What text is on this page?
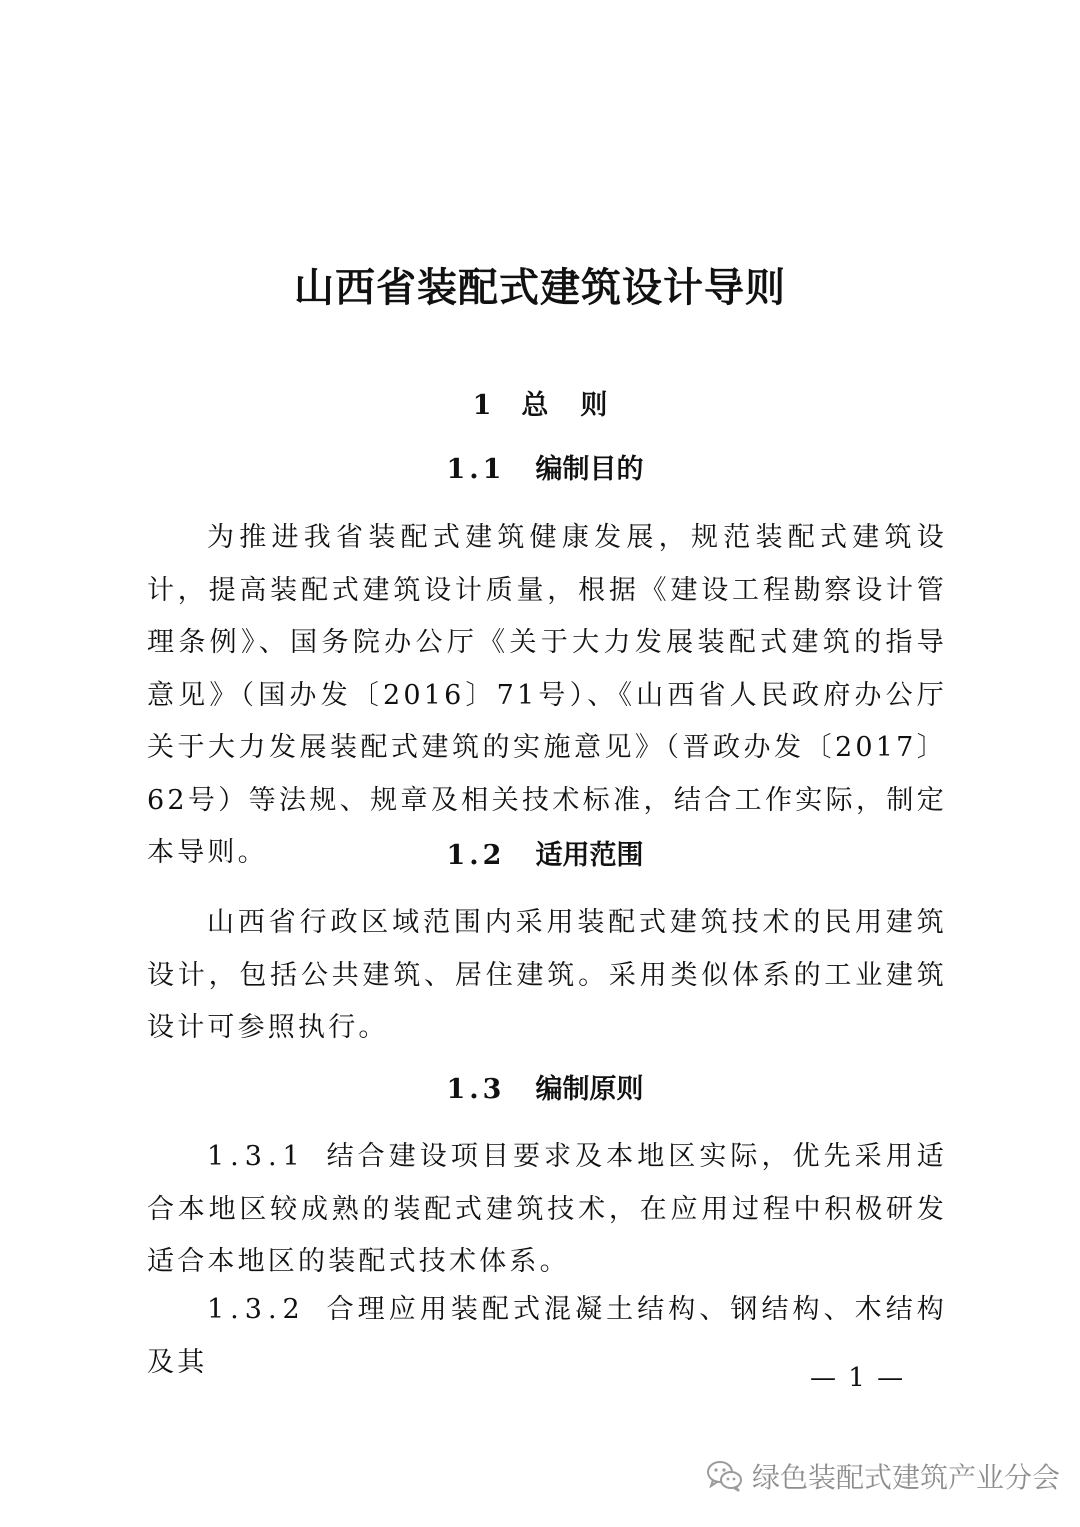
山西省装配式建筑设计导则
1 总 则
1.1 编制目的
为推进我省装配式建筑健康发展，规范装配式建筑设计，提高装配式建筑设计质量，根据《建设工程勘察设计管理条例》、国务院办公厅《关于大力发展装配式建筑的指导意见》（国办发〔2016〕71号）、《山西省人民政府办公厅关于大力发展装配式建筑的实施意见》（晋政办发〔2017〕62号）等法规、规章及相关技术标准，结合工作实际，制定本导则。	1.2 适用范围
山西省行政区域范围内采用装配式建筑技术的民用建筑设计，包括公共建筑、居住建筑。采用类似体系的工业建筑设计可参照执行。
1.3 编制原则
1.3.1 结合建设项目要求及本地区实际，优先采用适合本地区较成熟的装配式建筑技术，在应用过程中积极研发适合本地区的装配式技术体系。
1.3.2 合理应用装配式混凝土结构、钢结构、木结构及其
— 1 —
绿色装配式建筑产业分会
